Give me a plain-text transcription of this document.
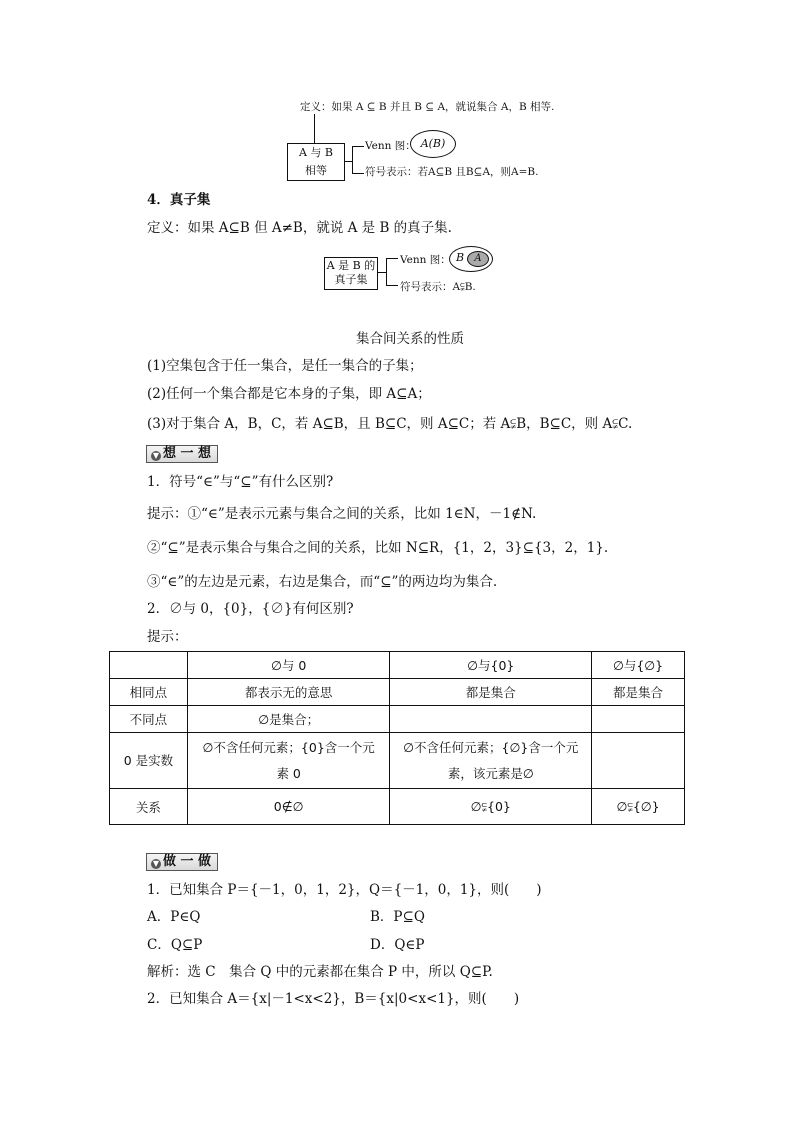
定义：如果 A ⊆ B 并且 B ⊆ A，就说集合 A，B 相等.
A 与 B
相等
Venn 图： A(B)
符号表示：若A⊆B 且B⊆A，则A=B.
4．真子集
定义：如果 A⊆B 但 A≠B，就说 A 是 B 的真子集.
A 是 B 的
真子集
Venn 图： B	A
符号表示：A⫋B.
集合间关系的性质
(1)空集包含于任一集合，是任一集合的子集；
(2)任何一个集合都是它本身的子集，即 A⊆A；
(3)对于集合 A，B，C，若 A⊆B，且 B⊆C，则 A⊆C；若 A⫋B，B⊆C，则 A⫋C.
▼ 想 一 想
1．符号“∈”与“⊆”有什么区别?
提示：①“∈”是表示元素与集合之间的关系，比如 1∈N，－1∉N.
②“⊆”是表示集合与集合之间的关系，比如 N⊆R，{1，2，3}⊆{3，2，1}.
③“∈”的左边是元素，右边是集合，而“⊆”的两边均为集合.
2．∅与 0，{0}，{∅}有何区别?
提示：
	∅与 0	∅与{0}	∅与{∅}
相同点	都表示无的意思	都是集合	都是集合
不同点	∅是集合；		
0 是实数	∅不含任何元素；{0}含一个元素 0	∅不含任何元素；{∅}含一个元素，该元素是∅	
关系	0∉∅	∅⫋{0}	∅⫋{∅}
▼ 做 一 做
1．已知集合 P＝{－1，0，1，2}，Q＝{－1，0，1}，则(　　)
A．P∈Q	B．P⊆Q
C．Q⊆P	D．Q∈P
解析：选 C　集合 Q 中的元素都在集合 P 中，所以 Q⊆P.
2．已知集合 A＝{x|－1<x<2}，B＝{x|0<x<1}，则(　　)
